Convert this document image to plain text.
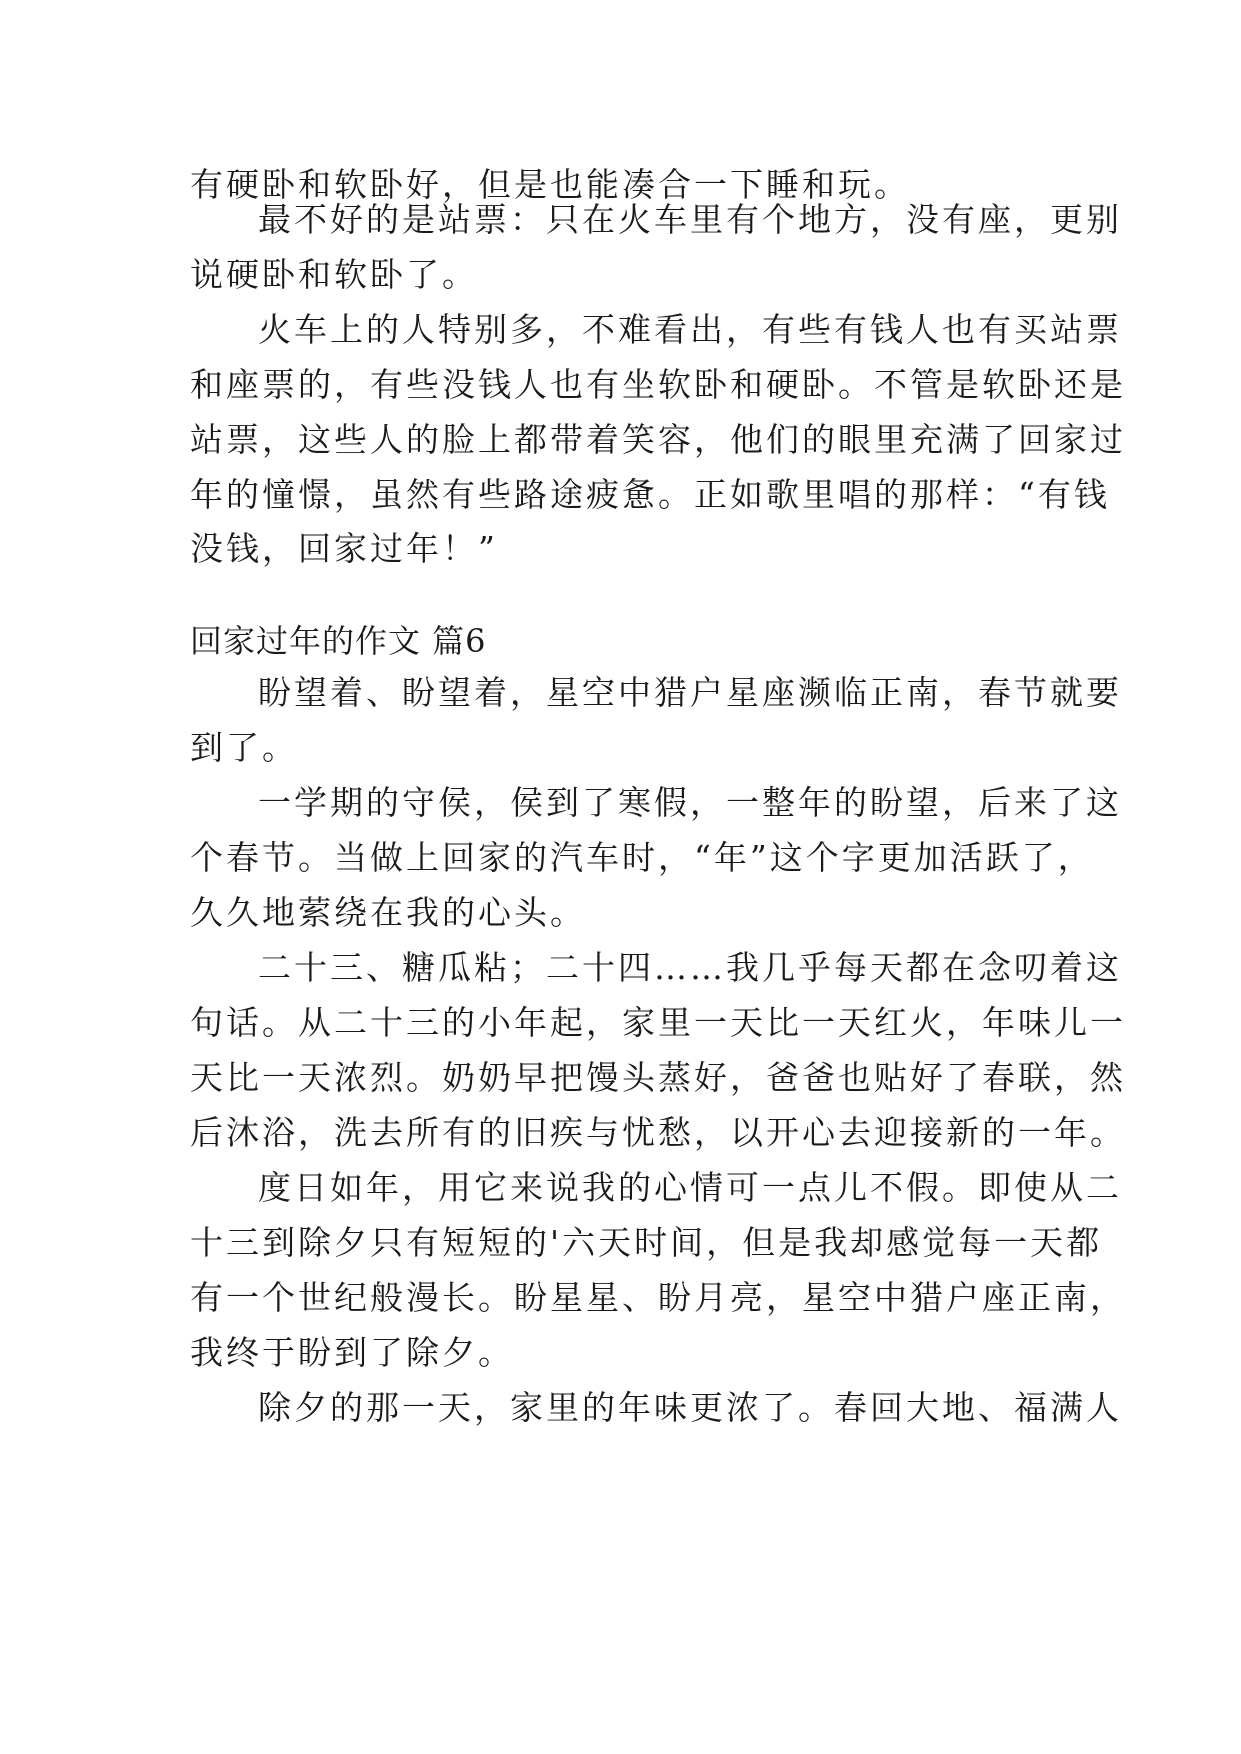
有硬卧和软卧好，但是也能凑合一下睡和玩。
最不好的是站票：只在火车里有个地方，没有座，更别
说硬卧和软卧了。
火车上的人特别多，不难看出，有些有钱人也有买站票
和座票的，有些没钱人也有坐软卧和硬卧。不管是软卧还是
站票，这些人的脸上都带着笑容，他们的眼里充满了回家过
年的憧憬，虽然有些路途疲惫。正如歌里唱的那样：“有钱
没钱，回家过年！”
回家过年的作文 篇6
盼望着、盼望着，星空中猎户星座濒临正南，春节就要
到了。
一学期的守侯，侯到了寒假，一整年的盼望，后来了这
个春节。当做上回家的汽车时，“年”这个字更加活跃了，
久久地萦绕在我的心头。
二十三、糖瓜粘；二十四……我几乎每天都在念叨着这
句话。从二十三的小年起，家里一天比一天红火，年味儿一
天比一天浓烈。奶奶早把馒头蒸好，爸爸也贴好了春联，然
后沐浴，洗去所有的旧疾与忧愁，以开心去迎接新的一年。
度日如年，用它来说我的心情可一点儿不假。即使从二
十三到除夕只有短短的'六天时间，但是我却感觉每一天都
有一个世纪般漫长。盼星星、盼月亮，星空中猎户座正南，
我终于盼到了除夕。
除夕的那一天，家里的年味更浓了。春回大地、福满人
